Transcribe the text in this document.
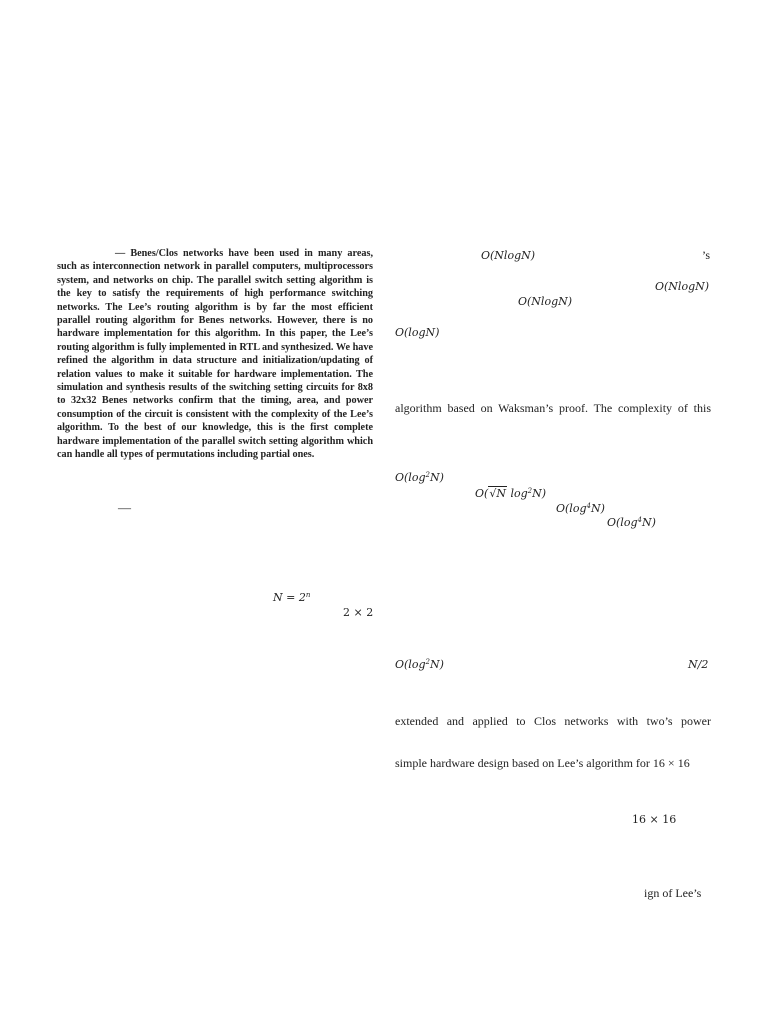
— Benes/Clos networks have been used in many areas, such as interconnection network in parallel computers, multiprocessors system, and networks on chip. The parallel switch setting algorithm is the key to satisfy the requirements of high performance switching networks. The Lee’s routing algorithm is by far the most efficient parallel routing algorithm for Benes networks. However, there is no hardware implementation for this algorithm. In this paper, the Lee’s routing algorithm is fully implemented in RTL and synthesized. We have refined the algorithm in data structure and initialization/updating of relation values to make it suitable for hardware implementation. The simulation and synthesis results of the switching setting circuits for 8x8 to 32x32 Benes networks confirm that the timing, area, and power consumption of the circuit is consistent with the complexity of the Lee’s algorithm. To the best of our knowledge, this is the first complete hardware implementation of the parallel switch setting algorithm which can handle all types of permutations including partial ones.
—
$N = 2^n$
2 × 2
O(NlogN)	’s
O(NlogN)
O(NlogN)
O(logN)
algorithm based on Waksman’s proof. The complexity of this
$O(\log^2N)$
O(√N $\log^2N$)
$O(\log^4N)$
$O(\log^4N)$
$O(\log^2N)$	N/2
extended and applied to Clos networks with two’s power
simple hardware design based on Lee’s algorithm for 16 × 16
16 × 16
ign of Lee’s
